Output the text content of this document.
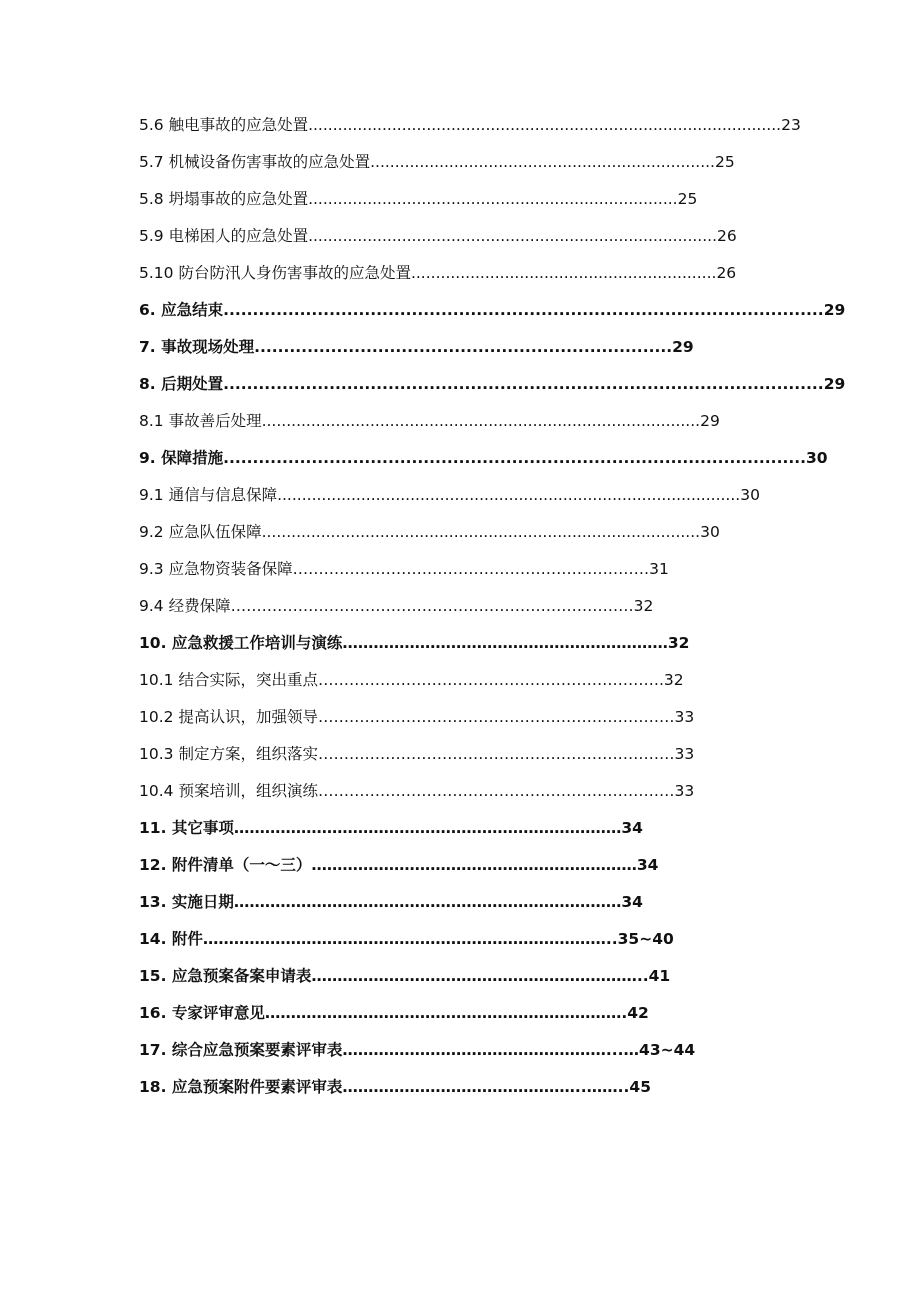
5.6 触电事故的应急处置................................................................................................23
5.7 机械设备伤害事故的应急处置......................................................................25
5.8 坍塌事故的应急处置...........................................................................25
5.9 电梯困人的应急处置...................................................................................26
5.10 防台防汛人身伤害事故的应急处置..............................................................26
6. 应急结束......................................................................................................29
7. 事故现场处理.......................................................................29
8. 后期处置......................................................................................................29
8.1 事故善后处理.........................................................................................29
9. 保障措施...................................................................................................30
9.1 通信与信息保障..............................................................................................30
9.2 应急队伍保障.........................................................................................30
9.3 应急物资装备保障……………………………………………………………31
9.4 经费保障……………………………………………………………………32
10. 应急救援工作培训与演练………………………………………………………32
10.1 结合实际，突出重点………………………………………………………….32
10.2 提高认识，加强领导……………………………………………………………33
10.3 制定方案，组织落实……………………………………………………………33
10.4 预案培训，组织演练……………………………………………………………33
11. 其它事项…………………………………………………………………34
12. 附件清单（一～三）………………………………………………………34
13. 实施日期…………………………………………………………………34
14. 附件……………………………………………………………………..35~40
15. 应急预案备案申请表………………………………………………………..41
16. 专家评审意见…………………………………………………………….42
17. 综合应急预案要素评审表……………………………………………...…43~44
18. 应急预案附件要素评审表………………………………………..……..45
